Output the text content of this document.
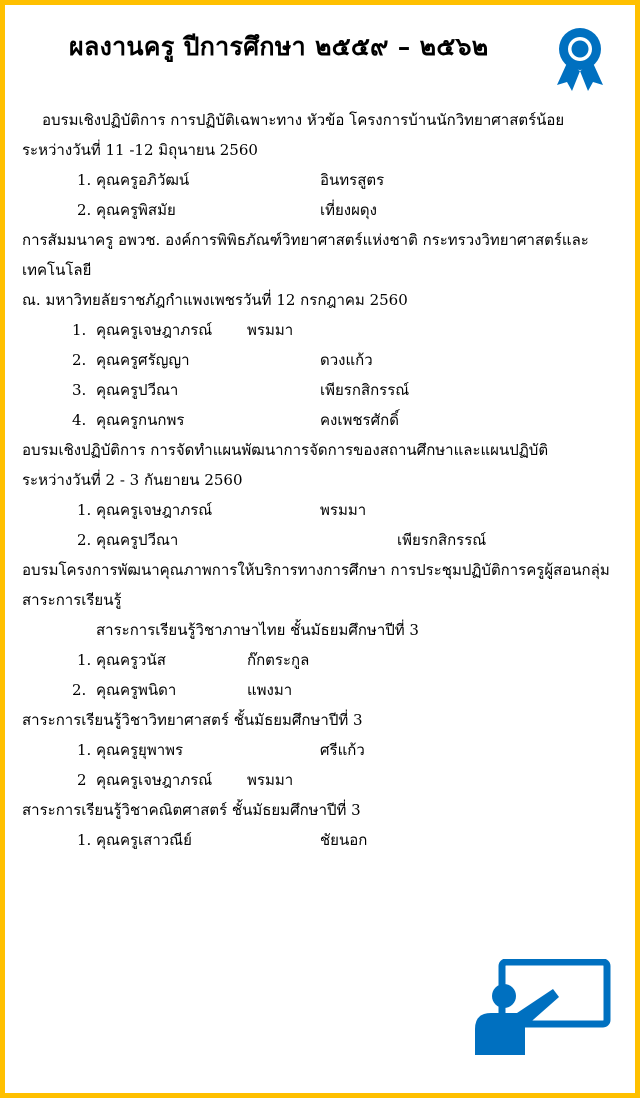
ผลงานครู ปีการศึกษา ๒๕๕๙ – ๒๕๖๒
อบรมเชิงปฏิบัติการ การปฏิบัติเฉพาะทาง หัวข้อ โครงการบ้านนักวิทยาศาสตร์น้อย
ระหว่างวันที่ 11 -12 มิถุนายน 2560
1. คุณครูอภิวัฒน์	อินทรสูตร
2. คุณครูพิสมัย	เที่ยงผดุง
การสัมมนาครู อพวช. องค์การพิพิธภัณฑ์วิทยาศาสตร์แห่งชาติ กระทรวงวิทยาศาสตร์และเทคโนโลยี
ณ. มหาวิทยลัยราชภัฎกำแพงเพชรวันที่ 12 กรกฎาคม 2560
1. คุณครูเจษฎาภรณ์ พรมมา
2. คุณครูศรัญญา	ดวงแก้ว
3. คุณครูปวีณา	เพียรกสิกรรณ์
4. คุณครูกนกพร	คงเพชรศักดิ์
อบรมเชิงปฏิบัติการ การจัดทำแผนพัฒนาการจัดการของสถานศึกษาและแผนปฏิบัติ
ระหว่างวันที่ 2 - 3 กันยายน 2560
1. คุณครูเจษฎาภรณ์	พรมมา
2. คุณครูปวีณา	เพียรกสิกรรณ์
อบรมโครงการพัฒนาคุณภาพการให้บริการทางการศึกษา การประชุมปฏิบัติการครูผู้สอนกลุ่ม
สาระการเรียนรู้
สาระการเรียนรู้วิชาภาษาไทย ชั้นมัธยมศึกษาปีที่ 3
1. คุณครูวนัส	ก๊กตระกูล
2. คุณครูพนิดา	แพงมา
สาระการเรียนรู้วิชาวิทยาศาสตร์ ชั้นมัธยมศึกษาปีที่ 3
1. คุณครูยุพาพร	ศรีแก้ว
2 คุณครูเจษฎาภรณ์ พรมมา
สาระการเรียนรู้วิชาคณิตศาสตร์ ชั้นมัธยมศึกษาปีที่ 3
1. คุณครูเสาวณีย์	ชัยนอก
